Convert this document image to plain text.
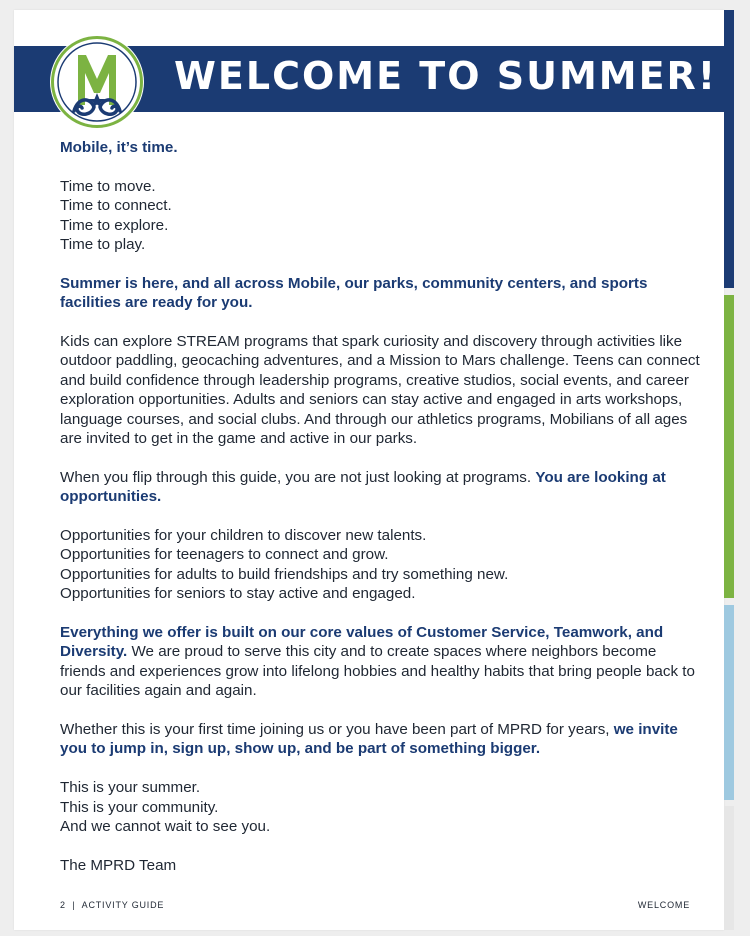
WELCOME TO SUMMER!

Mobile, it’s time.

Time to move.
Time to connect.
Time to explore.
Time to play.

Summer is here, and all across Mobile, our parks, community centers, and sports facilities are ready for you.

Kids can explore STREAM programs that spark curiosity and discovery through activities like outdoor paddling, geocaching adventures, and a Mission to Mars challenge. Teens can connect and build confidence through leadership programs, creative studios, social events, and career exploration opportunities. Adults and seniors can stay active and engaged in arts workshops, language courses, and social clubs. And through our athletics programs, Mobilians of all ages are invited to get in the game and active in our parks.

When you flip through this guide, you are not just looking at programs. You are looking at opportunities.

Opportunities for your children to discover new talents.
Opportunities for teenagers to connect and grow.
Opportunities for adults to build friendships and try something new.
Opportunities for seniors to stay active and engaged.

Everything we offer is built on our core values of Customer Service, Teamwork, and Diversity. We are proud to serve this city and to create spaces where neighbors become friends and experiences grow into lifelong hobbies and healthy habits that bring people back to our facilities again and again.

Whether this is your first time joining us or you have been part of MPRD for years, we invite you to jump in, sign up, show up, and be part of something bigger.

This is your summer.
This is your community.
And we cannot wait to see you.

The MPRD Team

2  |  ACTIVITY GUIDE	WELCOME
